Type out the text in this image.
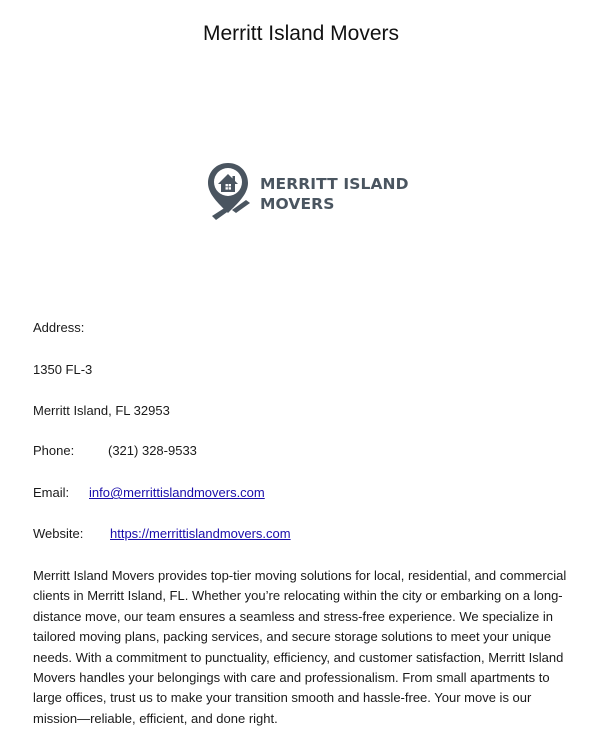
Merritt Island Movers
MERRITT ISLAND
MOVERS
Address:
1350 FL-3
Merritt Island, FL 32953
Phone:	(321) 328-9533
Email: info@merrittislandmovers.com
Website: https://merrittislandmovers.com

Merritt Island Movers provides top-tier moving solutions for local, residential, and commercial clients in Merritt Island, FL. Whether you’re relocating within the city or embarking on a long-distance move, our team ensures a seamless and stress-free experience. We specialize in tailored moving plans, packing services, and secure storage solutions to meet your unique needs. With a commitment to punctuality, efficiency, and customer satisfaction, Merritt Island Movers handles your belongings with care and professionalism. From small apartments to large offices, trust us to make your transition smooth and hassle-free. Your move is our mission—reliable, efficient, and done right.
